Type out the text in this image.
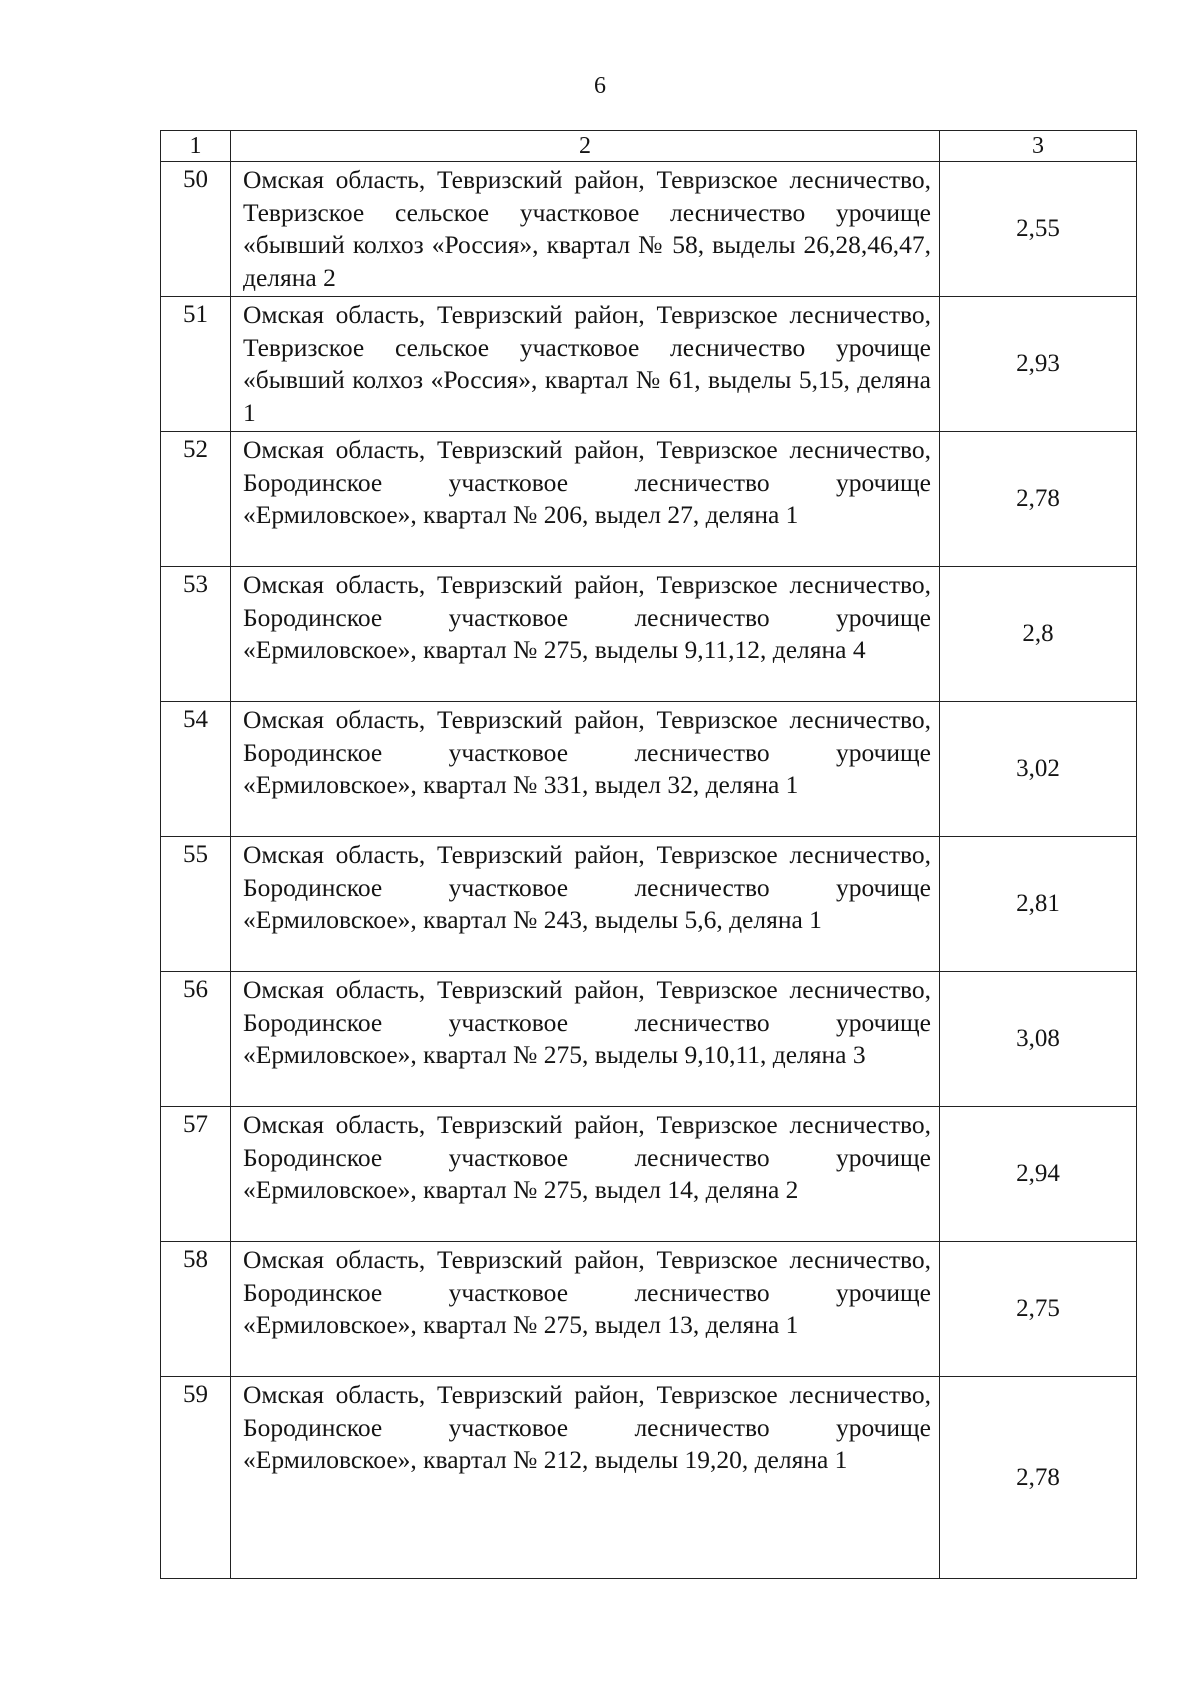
6
1	2	3
50	Омская область, Тевризский район, Тевризское лесничество, Тевризское сельское участковое лесничество урочище «бывший колхоз «Россия», квартал № 58, выделы 26,28,46,47, деляна 2	2,55
51	Омская область, Тевризский район, Тевризское лесничество, Тевризское сельское участковое лесничество урочище «бывший колхоз «Россия», квартал № 61, выделы 5,15, деляна 1	2,93
52	Омская область, Тевризский район, Тевризское лесничество, Бородинское участковое лесничество урочище «Ермиловское», квартал № 206, выдел 27, деляна 1	2,78
53	Омская область, Тевризский район, Тевризское лесничество, Бородинское участковое лесничество урочище «Ермиловское», квартал № 275, выделы 9,11,12, деляна 4	2,8
54	Омская область, Тевризский район, Тевризское лесничество, Бородинское участковое лесничество урочище «Ермиловское», квартал № 331, выдел 32, деляна 1	3,02
55	Омская область, Тевризский район, Тевризское лесничество, Бородинское участковое лесничество урочище «Ермиловское», квартал № 243, выделы 5,6, деляна 1	2,81
56	Омская область, Тевризский район, Тевризское лесничество, Бородинское участковое лесничество урочище «Ермиловское», квартал № 275, выделы 9,10,11, деляна 3	3,08
57	Омская область, Тевризский район, Тевризское лесничество, Бородинское участковое лесничество урочище «Ермиловское», квартал № 275, выдел 14, деляна 2	2,94
58	Омская область, Тевризский район, Тевризское лесничество, Бородинское участковое лесничество урочище «Ермиловское», квартал № 275, выдел 13, деляна 1	2,75
59	Омская область, Тевризский район, Тевризское лесничество, Бородинское участковое лесничество урочище «Ермиловское», квартал № 212, выделы 19,20, деляна 1	2,78
